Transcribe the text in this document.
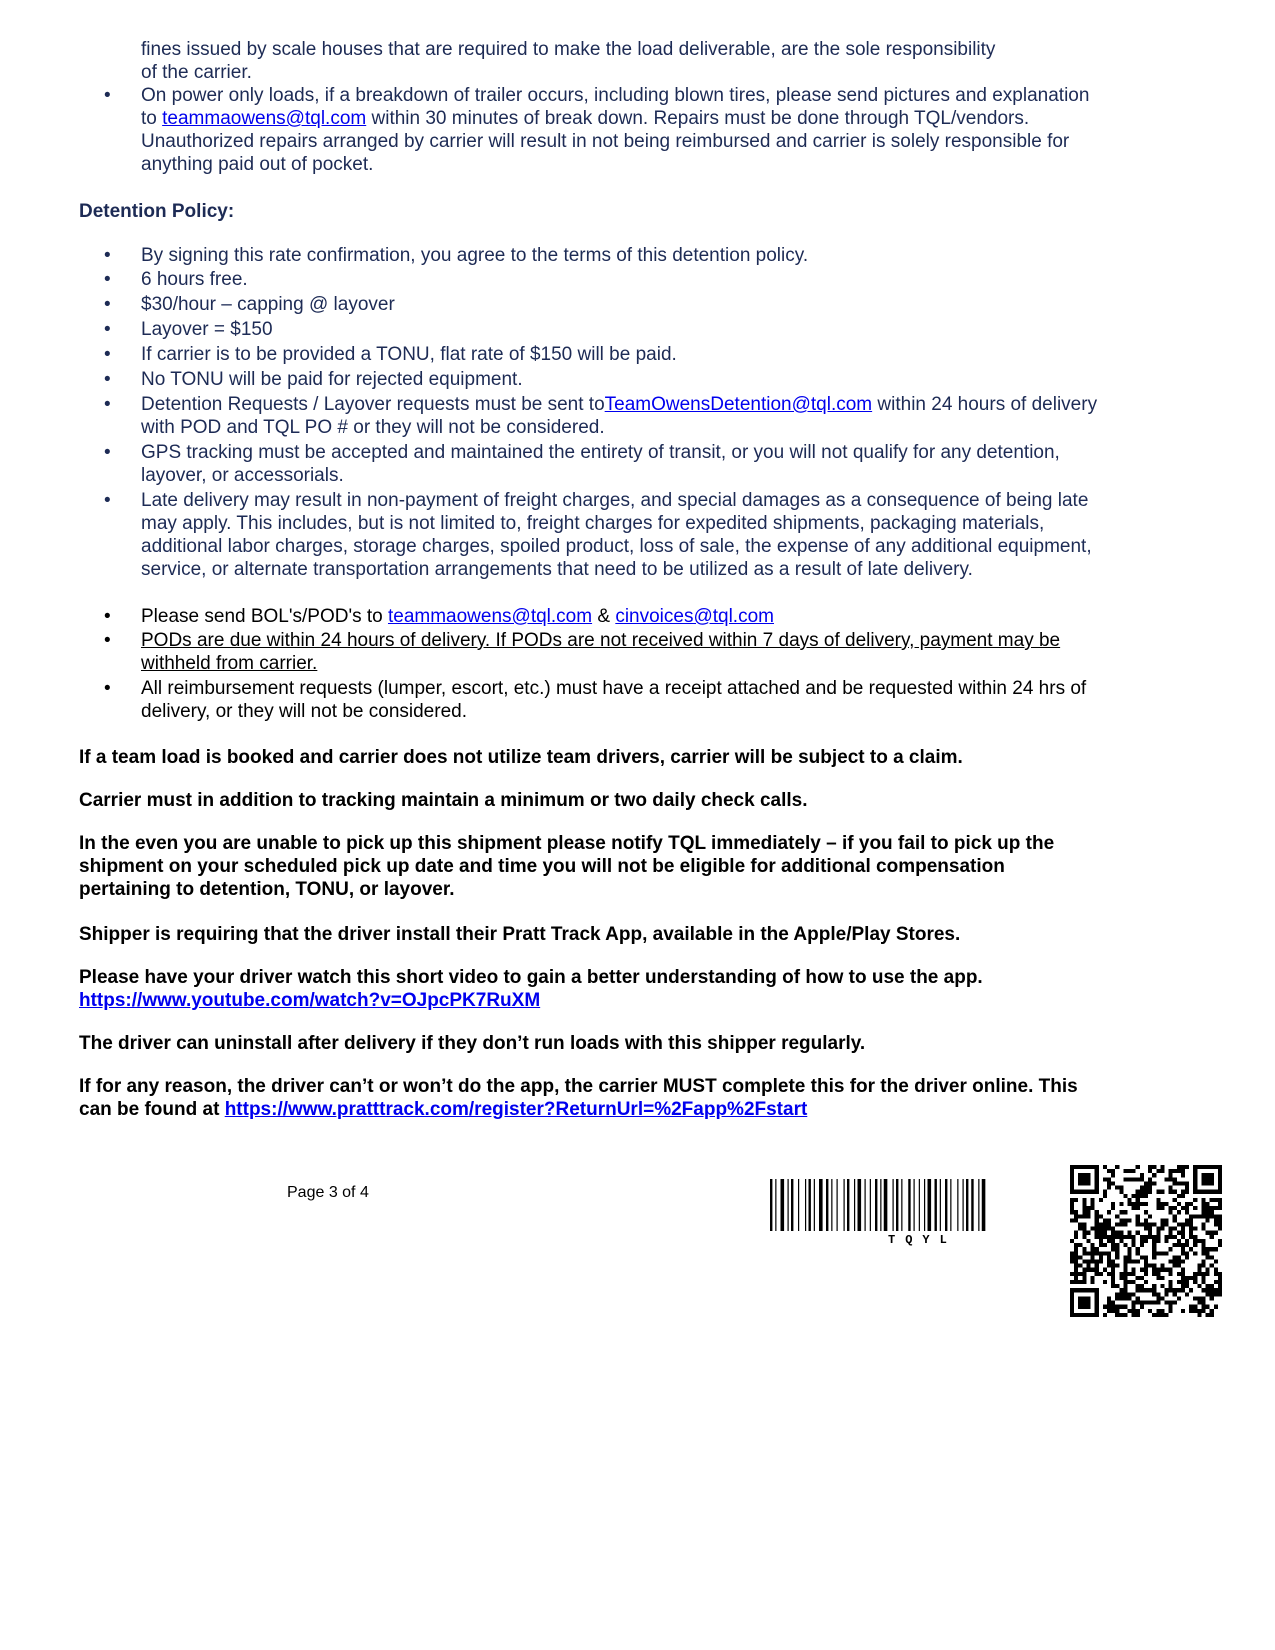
fines issued by scale houses that are required to make the load deliverable, are the sole responsibility

of the carrier.

• On power only loads, if a breakdown of trailer occurs, including blown tires, please send pictures and explanation to teammaowens@tql.com within 30 minutes of break down. Repairs must be done through TQL/vendors. Unauthorized repairs arranged by carrier will result in not being reimbursed and carrier is solely responsible for anything paid out of pocket.

Detention Policy:

• By signing this rate confirmation, you agree to the terms of this detention policy.

• 6 hours free.

• $30/hour – capping @ layover

• Layover = $150

• If carrier is to be provided a TONU, flat rate of $150 will be paid.

• No TONU will be paid for rejected equipment.

• Detention Requests / Layover requests must be sent toTeamOwensDetention@tql.com within 24 hours of delivery with POD and TQL PO # or they will not be considered.

• GPS tracking must be accepted and maintained the entirety of transit, or you will not qualify for any detention, layover, or accessorials.

• Late delivery may result in non-payment of freight charges, and special damages as a consequence of being late may apply. This includes, but is not limited to, freight charges for expedited shipments, packaging materials, additional labor charges, storage charges, spoiled product, loss of sale, the expense of any additional equipment, service, or alternate transportation arrangements that need to be utilized as a result of late delivery.

• Please send BOL's/POD's to teammaowens@tql.com & cinvoices@tql.com

• PODs are due within 24 hours of delivery. If PODs are not received within 7 days of delivery, payment may be withheld from carrier.

• All reimbursement requests (lumper, escort, etc.) must have a receipt attached and be requested within 24 hrs of delivery, or they will not be considered.

If a team load is booked and carrier does not utilize team drivers, carrier will be subject to a claim.

Carrier must in addition to tracking maintain a minimum or two daily check calls.

In the even you are unable to pick up this shipment please notify TQL immediately – if you fail to pick up the shipment on your scheduled pick up date and time you will not be eligible for additional compensation pertaining to detention, TONU, or layover.

Shipper is requiring that the driver install their Pratt Track App, available in the Apple/Play Stores.

Please have your driver watch this short video to gain a better understanding of how to use the app. https://www.youtube.com/watch?v=OJpcPK7RuXM

The driver can uninstall after delivery if they don’t run loads with this shipper regularly.

If for any reason, the driver can’t or won’t do the app, the carrier MUST complete this for the driver online. This can be found at https://www.pratttrack.com/register?ReturnUrl=%2Fapp%2Fstart

Page 3 of 4

TQYL
